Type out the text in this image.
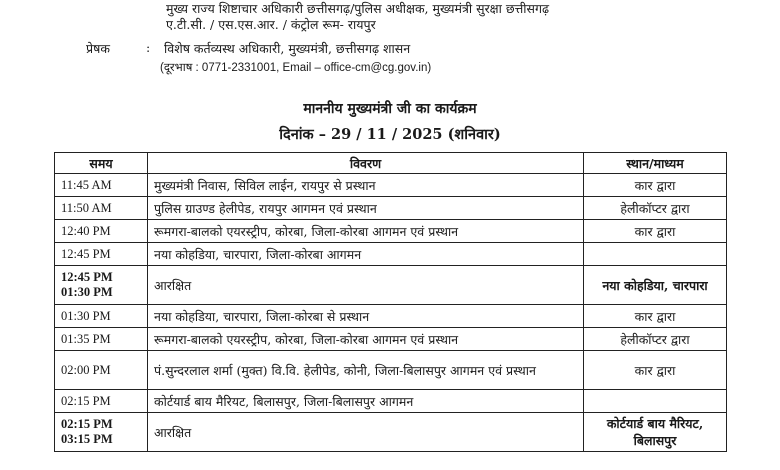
मुख्य राज्य शिष्टाचार अधिकारी छत्तीसगढ़/पुलिस अधीक्षक, मुख्यमंत्री सुरक्षा छत्तीसगढ़
ए.टी.सी. / एस.एस.आर. / कंट्रोल रूम- रायपुर
प्रेषक	: विशेष कर्तव्यस्थ अधिकारी, मुख्यमंत्री, छत्तीसगढ़ शासन
(दूरभाष : 0771-2331001, Email – office-cm@cg.gov.in)
माननीय मुख्यमंत्री जी का कार्यक्रम
दिनांक – 29 / 11 / 2025 (शनिवार)
समय	विवरण	स्थान/माध्यम

11:45 AM	मुख्यमंत्री निवास, सिविल लाईन, रायपुर से प्रस्थान	कार द्वारा

11:50 AM	पुलिस ग्राउण्ड हेलीपेड, रायपुर आगमन एवं प्रस्थान	हेलीकॉप्टर द्वारा

12:40 PM	रूमगरा-बालको एयरस्ट्रीप, कोरबा, जिला-कोरबा आगमन एवं प्रस्थान	कार द्वारा

12:45 PM	नया कोहडिया, चारपारा, जिला-कोरबा आगमन	

12:45 PM
01:30 PM	आरक्षित	नया कोहडिया, चारपारा

01:30 PM	नया कोहडिया, चारपारा, जिला-कोरबा से प्रस्थान	कार द्वारा

01:35 PM	रूमगरा-बालको एयरस्ट्रीप, कोरबा, जिला-कोरबा आगमन एवं प्रस्थान	हेलीकॉप्टर द्वारा

02:00 PM	पं.सुन्दरलाल शर्मा (मुक्त) वि.वि. हेलीपेड, कोनी, जिला-बिलासपुर आगमन एवं प्रस्थान	कार द्वारा

02:15 PM	कोर्टयार्ड बाय मैरियट, बिलासपुर, जिला-बिलासपुर आगमन	

02:15 PM
03:15 PM	आरक्षित	कोर्टयार्ड बाय मैरियट, बिलासपुर
